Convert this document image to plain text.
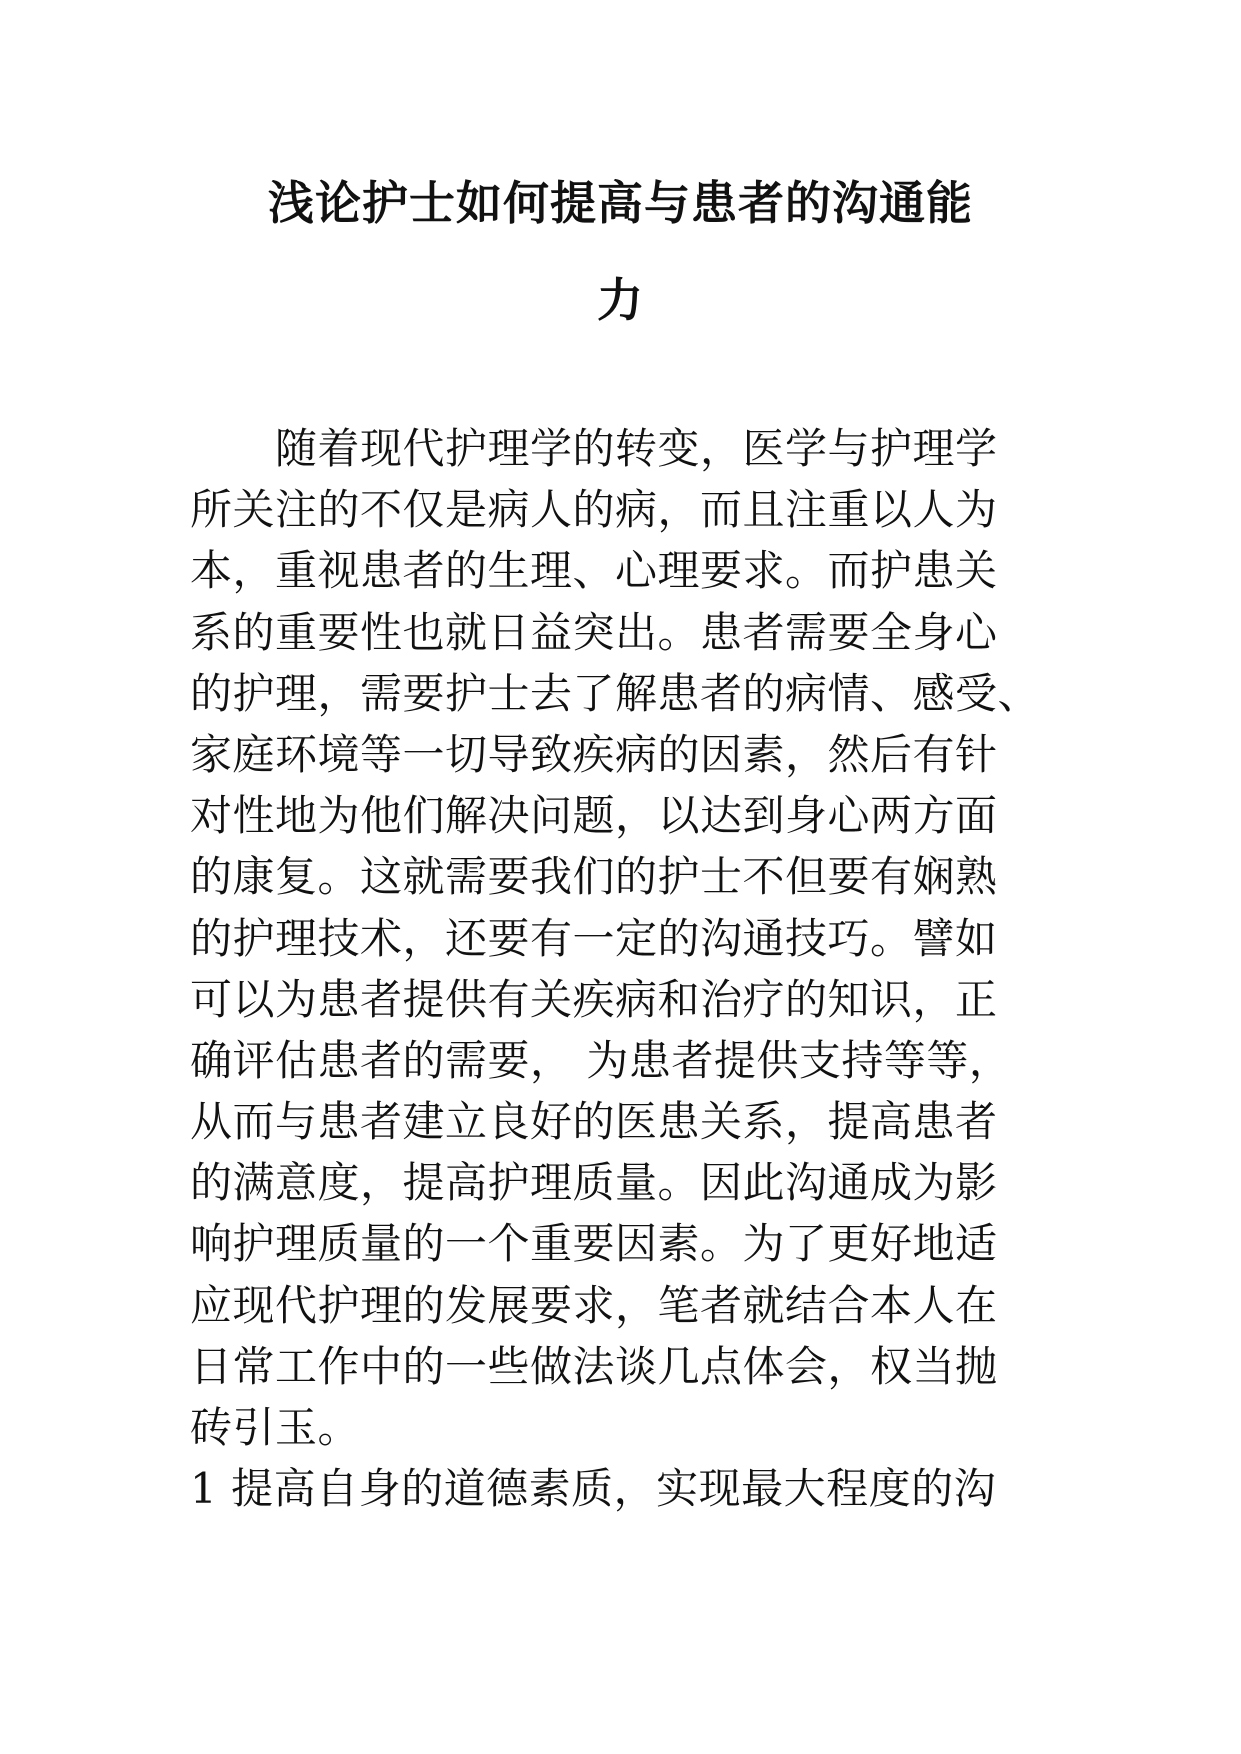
浅论护士如何提高与患者的沟通能
力
　　随着现代护理学的转变，医学与护理学
所关注的不仅是病人的病，而且注重以人为
本，重视患者的生理、心理要求。而护患关
系的重要性也就日益突出。患者需要全身心
的护理，需要护士去了解患者的病情、感受、
家庭环境等一切导致疾病的因素，然后有针
对性地为他们解决问题，以达到身心两方面
的康复。这就需要我们的护士不但要有娴熟
的护理技术，还要有一定的沟通技巧。譬如
可以为患者提供有关疾病和治疗的知识，正
确评估患者的需要， 为患者提供支持等等，
从而与患者建立良好的医患关系，提高患者
的满意度，提高护理质量。因此沟通成为影
响护理质量的一个重要因素。为了更好地适
应现代护理的发展要求，笔者就结合本人在
日常工作中的一些做法谈几点体会，权当抛
砖引玉。
1 提高自身的道德素质，实现最大程度的沟
